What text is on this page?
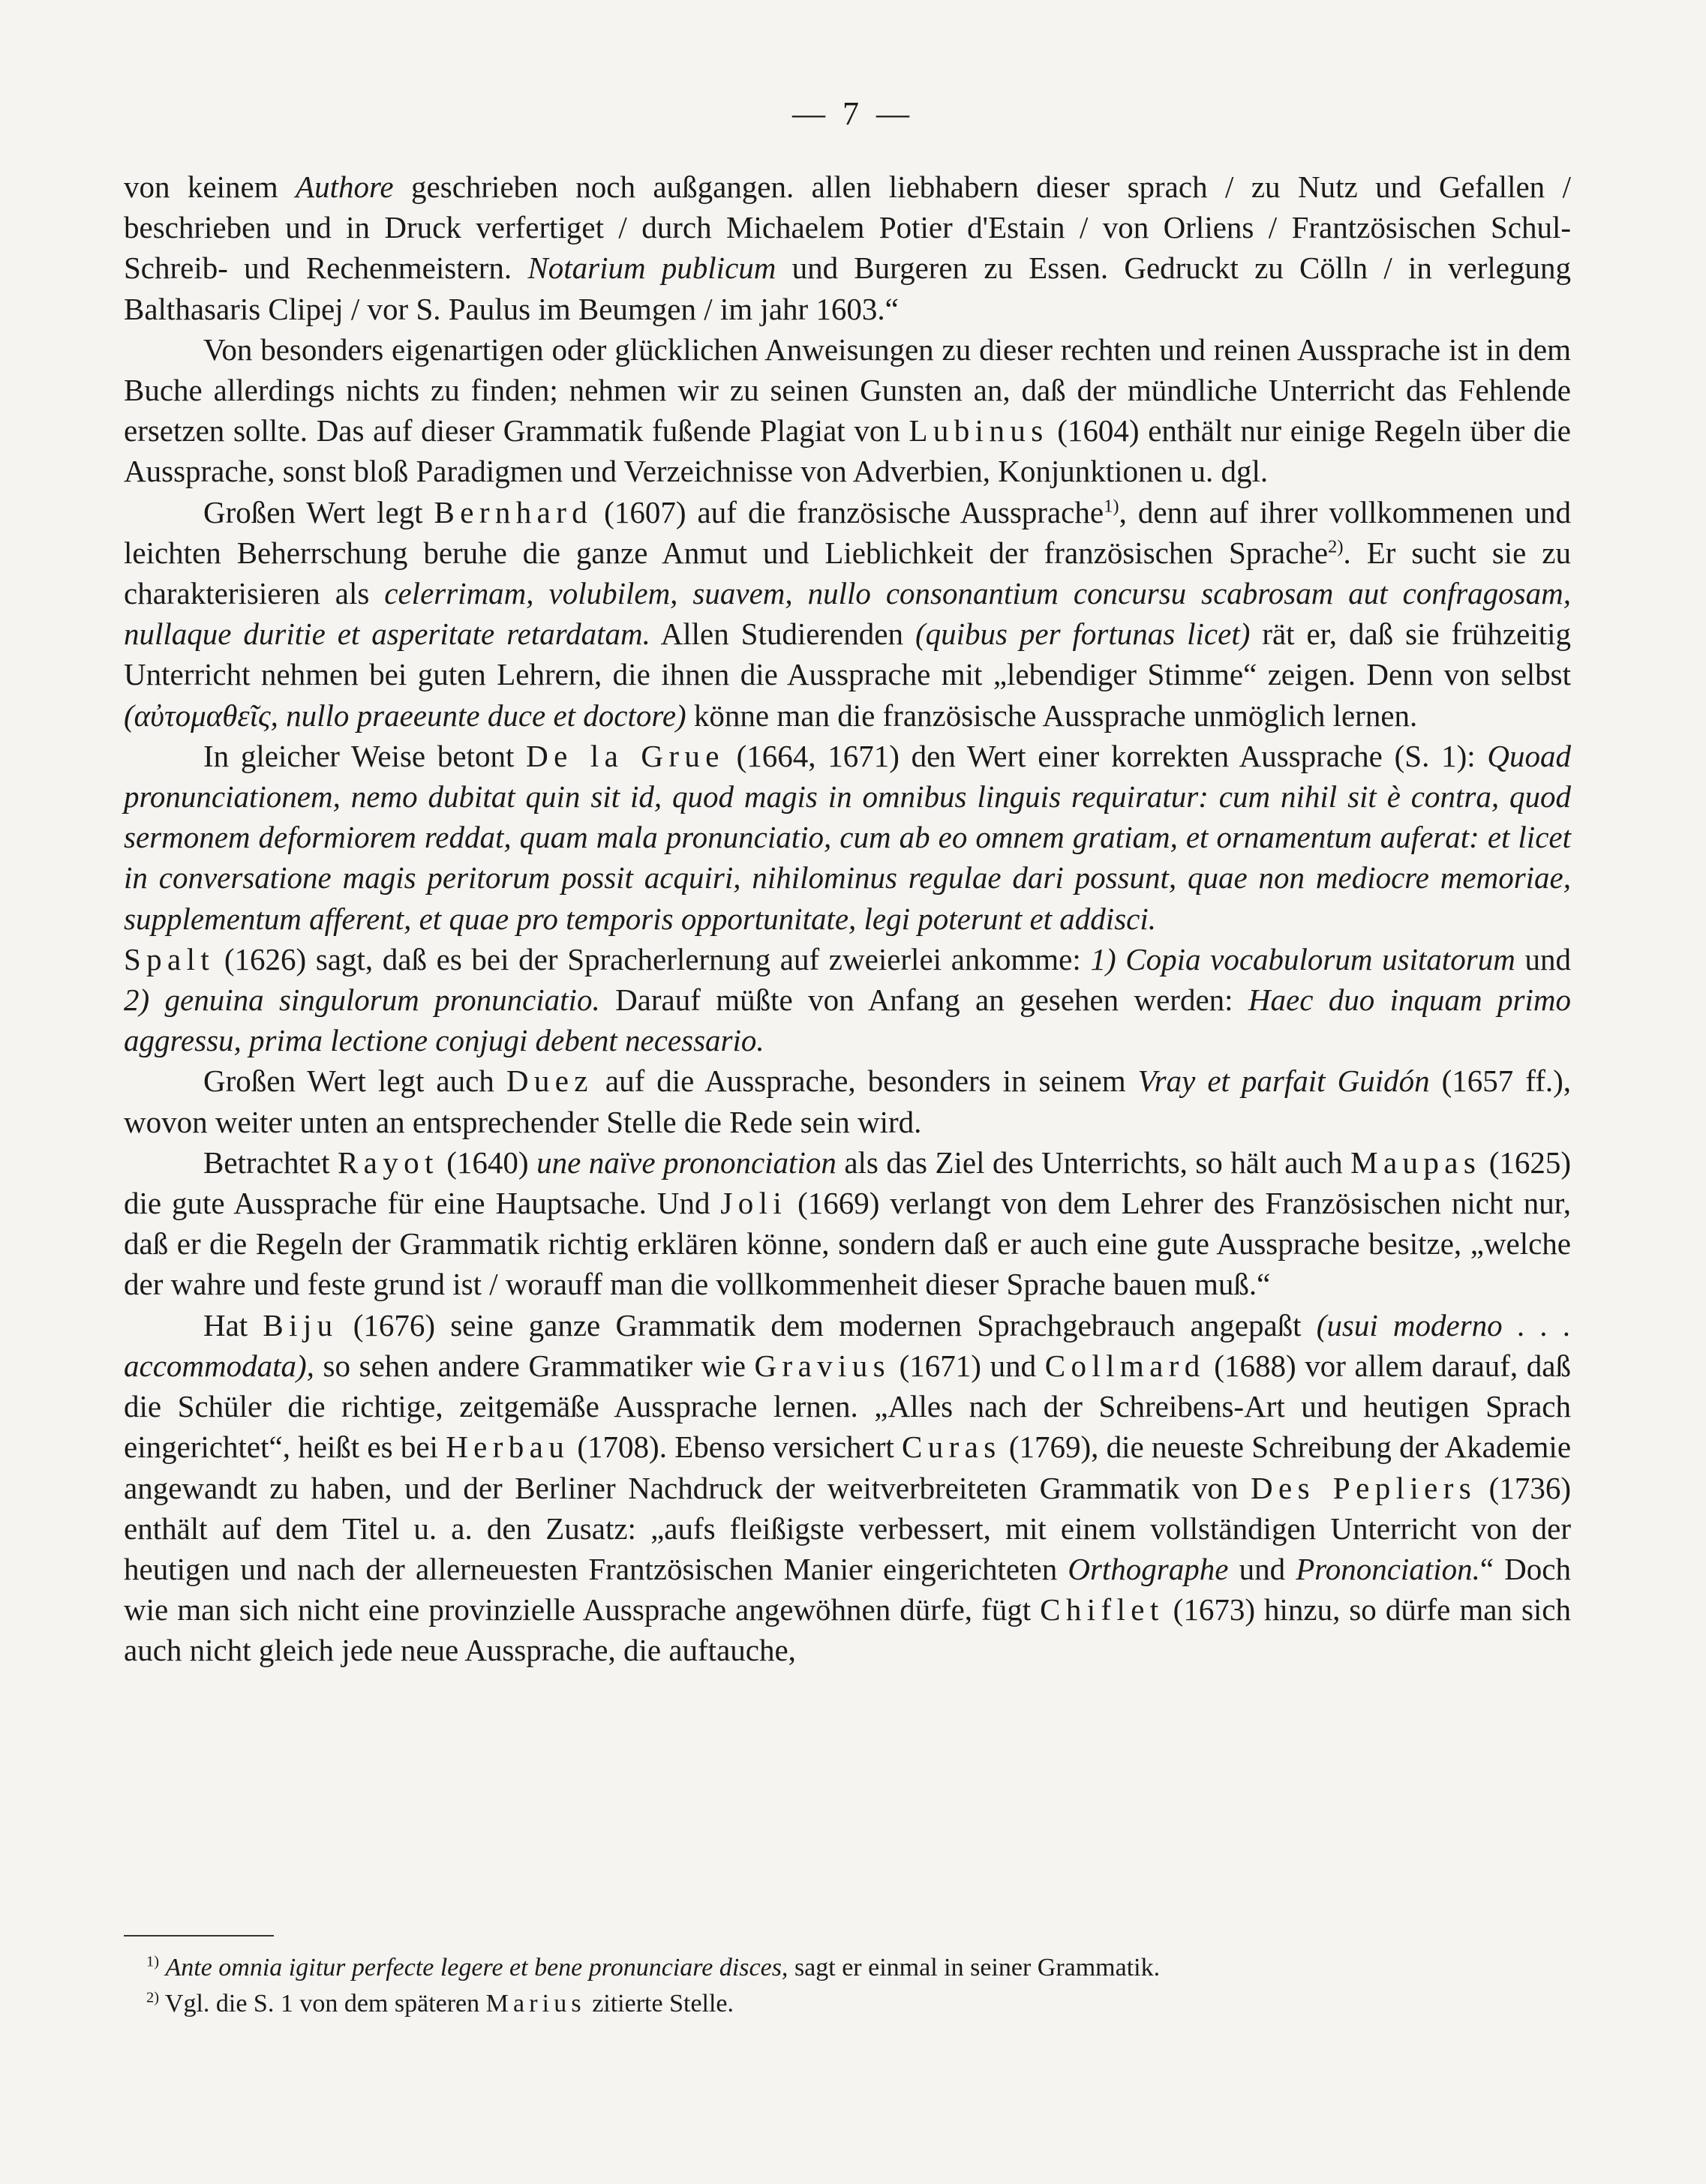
— 7 —

von keinem Authore geschrieben noch außgangen. allen liebhabern dieser sprach / zu Nutz und Gefallen / beschrieben und in Druck verfertiget / durch Michaelem Potier d'Estain / von Orliens / Frantzösischen Schul-Schreib- und Rechenmeistern. Notarium publicum und Burgeren zu Essen. Gedruckt zu Cölln / in verlegung Balthasaris Clipej / vor S. Paulus im Beumgen / im jahr 1603.“

Von besonders eigenartigen oder glücklichen Anweisungen zu dieser rechten und reinen Aussprache ist in dem Buche allerdings nichts zu finden; nehmen wir zu seinen Gunsten an, daß der mündliche Unterricht das Fehlende ersetzen sollte. Das auf dieser Grammatik fußende Plagiat von Lubinus (1604) enthält nur einige Regeln über die Aussprache, sonst bloß Paradigmen und Verzeichnisse von Adverbien, Konjunktionen u. dgl.

Großen Wert legt Bernhard (1607) auf die französische Aussprache$^{1)}$, denn auf ihrer vollkommenen und leichten Beherrschung beruhe die ganze Anmut und Lieblichkeit der französischen Sprache$^{2)}$. Er sucht sie zu charakterisieren als celerrimam, volubilem, suavem, nullo consonantium concursu scabrosam aut confragosam, nullaque duritie et asperitate retardatam. Allen Studierenden (quibus per fortunas licet) rät er, daß sie frühzeitig Unterricht nehmen bei guten Lehrern, die ihnen die Aussprache mit „lebendiger Stimme“ zeigen. Denn von selbst (αὐτομαθεῖς, nullo praeeunte duce et doctore) könne man die französische Aussprache unmöglich lernen.

In gleicher Weise betont De la Grue (1664, 1671) den Wert einer korrekten Aussprache (S. 1): Quoad pronunciationem, nemo dubitat quin sit id, quod magis in omnibus linguis requiratur: cum nihil sit è contra, quod sermonem deformiorem reddat, quam mala pronunciatio, cum ab eo omnem gratiam, et ornamentum auferat: et licet in conversatione magis peritorum possit acquiri, nihilominus regulae dari possunt, quae non mediocre memoriae, supplementum afferent, et quae pro temporis opportunitate, legi poterunt et addisci.

Spalt (1626) sagt, daß es bei der Spracherlernung auf zweierlei ankomme: 1) Copia vocabulorum usitatorum und 2) genuina singulorum pronunciatio. Darauf müßte von Anfang an gesehen werden: Haec duo inquam primo aggressu, prima lectione conjugi debent necessario.

Großen Wert legt auch Duez auf die Aussprache, besonders in seinem Vray et parfait Guidón (1657 ff.), wovon weiter unten an entsprechender Stelle die Rede sein wird.

Betrachtet Rayot (1640) une naïve prononciation als das Ziel des Unterrichts, so hält auch Maupas (1625) die gute Aussprache für eine Hauptsache. Und Joli (1669) verlangt von dem Lehrer des Französischen nicht nur, daß er die Regeln der Grammatik richtig erklären könne, sondern daß er auch eine gute Aussprache besitze, „welche der wahre und feste grund ist / worauff man die vollkommenheit dieser Sprache bauen muß.“

Hat Biju (1676) seine ganze Grammatik dem modernen Sprachgebrauch angepaßt (usui moderno . . . accommodata), so sehen andere Grammatiker wie Gravius (1671) und Collmard (1688) vor allem darauf, daß die Schüler die richtige, zeitgemäße Aussprache lernen. „Alles nach der Schreibens-Art und heutigen Sprach eingerichtet“, heißt es bei Herbau (1708). Ebenso versichert Curas (1769), die neueste Schreibung der Akademie angewandt zu haben, und der Berliner Nachdruck der weitverbreiteten Grammatik von Des Pepliers (1736) enthält auf dem Titel u. a. den Zusatz: „aufs fleißigste verbessert, mit einem vollständigen Unterricht von der heutigen und nach der allerneuesten Frantzösischen Manier eingerichteten Orthographe und Prononciation.“ Doch wie man sich nicht eine provinzielle Aussprache angewöhnen dürfe, fügt Chiflet (1673) hinzu, so dürfe man sich auch nicht gleich jede neue Aussprache, die auftauche,

$^{1)}$ Ante omnia igitur perfecte legere et bene pronunciare disces, sagt er einmal in seiner Grammatik.

$^{2)}$ Vgl. die S. 1 von dem späteren Marius zitierte Stelle.
